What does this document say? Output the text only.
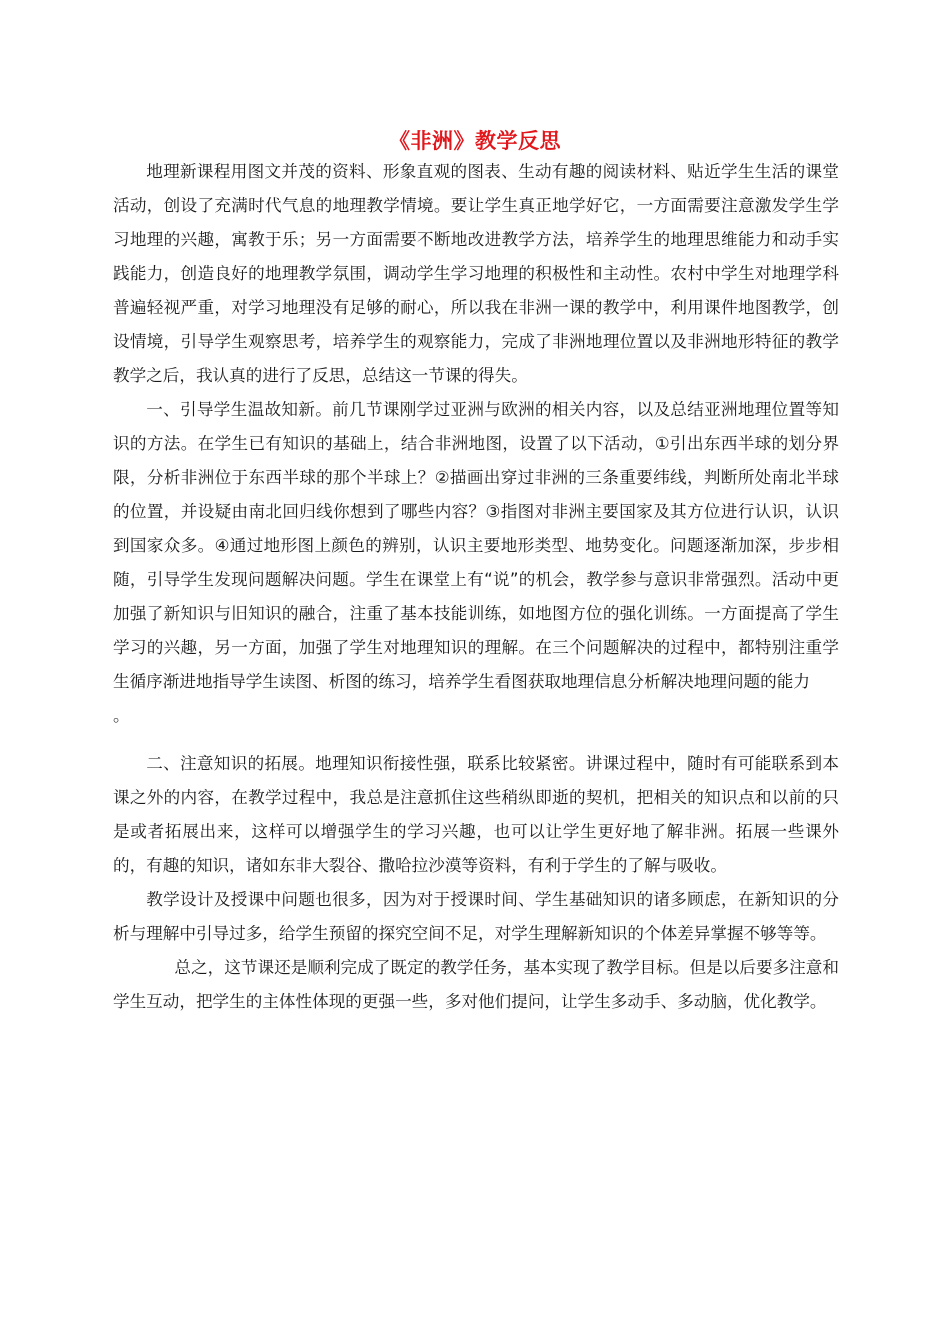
《非洲》教学反思

地理新课程用图文并茂的资料、形象直观的图表、生动有趣的阅读材料、贴近学生生活的课堂活动，创设了充满时代气息的地理教学情境。要让学生真正地学好它，一方面需要注意激发学生学习地理的兴趣，寓教于乐；另一方面需要不断地改进教学方法，培养学生的地理思维能力和动手实践能力，创造良好的地理教学氛围，调动学生学习地理的积极性和主动性。农村中学生对地理学科普遍轻视严重，对学习地理没有足够的耐心，所以我在非洲一课的教学中，利用课件地图教学，创设情境，引导学生观察思考，培养学生的观察能力，完成了非洲地理位置以及非洲地形特征的教学教学之后，我认真的进行了反思，总结这一节课的得失。

一、引导学生温故知新。前几节课刚学过亚洲与欧洲的相关内容，以及总结亚洲地理位置等知识的方法。在学生已有知识的基础上，结合非洲地图，设置了以下活动，①引出东西半球的划分界限，分析非洲位于东西半球的那个半球上？②描画出穿过非洲的三条重要纬线，判断所处南北半球的位置，并设疑由南北回归线你想到了哪些内容？③指图对非洲主要国家及其方位进行认识，认识到国家众多。④通过地形图上颜色的辨别，认识主要地形类型、地势变化。问题逐渐加深，步步相随，引导学生发现问题解决问题。学生在课堂上有“说”的机会，教学参与意识非常强烈。活动中更加强了新知识与旧知识的融合，注重了基本技能训练，如地图方位的强化训练。一方面提高了学生学习的兴趣，另一方面，加强了学生对地理知识的理解。在三个问题解决的过程中，都特别注重学生循序渐进地指导学生读图、析图的练习，培养学生看图获取地理信息分析解决地理问题的能力

。

二、注意知识的拓展。地理知识衔接性强，联系比较紧密。讲课过程中，随时有可能联系到本课之外的内容，在教学过程中，我总是注意抓住这些稍纵即逝的契机，把相关的知识点和以前的只是或者拓展出来，这样可以增强学生的学习兴趣，也可以让学生更好地了解非洲。拓展一些课外的，有趣的知识，诸如东非大裂谷、撒哈拉沙漠等资料，有利于学生的了解与吸收。

教学设计及授课中问题也很多，因为对于授课时间、学生基础知识的诸多顾虑，在新知识的分析与理解中引导过多，给学生预留的探究空间不足，对学生理解新知识的个体差异掌握不够等等。

总之，这节课还是顺利完成了既定的教学任务，基本实现了教学目标。但是以后要多注意和学生互动，把学生的主体性体现的更强一些，多对他们提问，让学生多动手、多动脑，优化教学。
